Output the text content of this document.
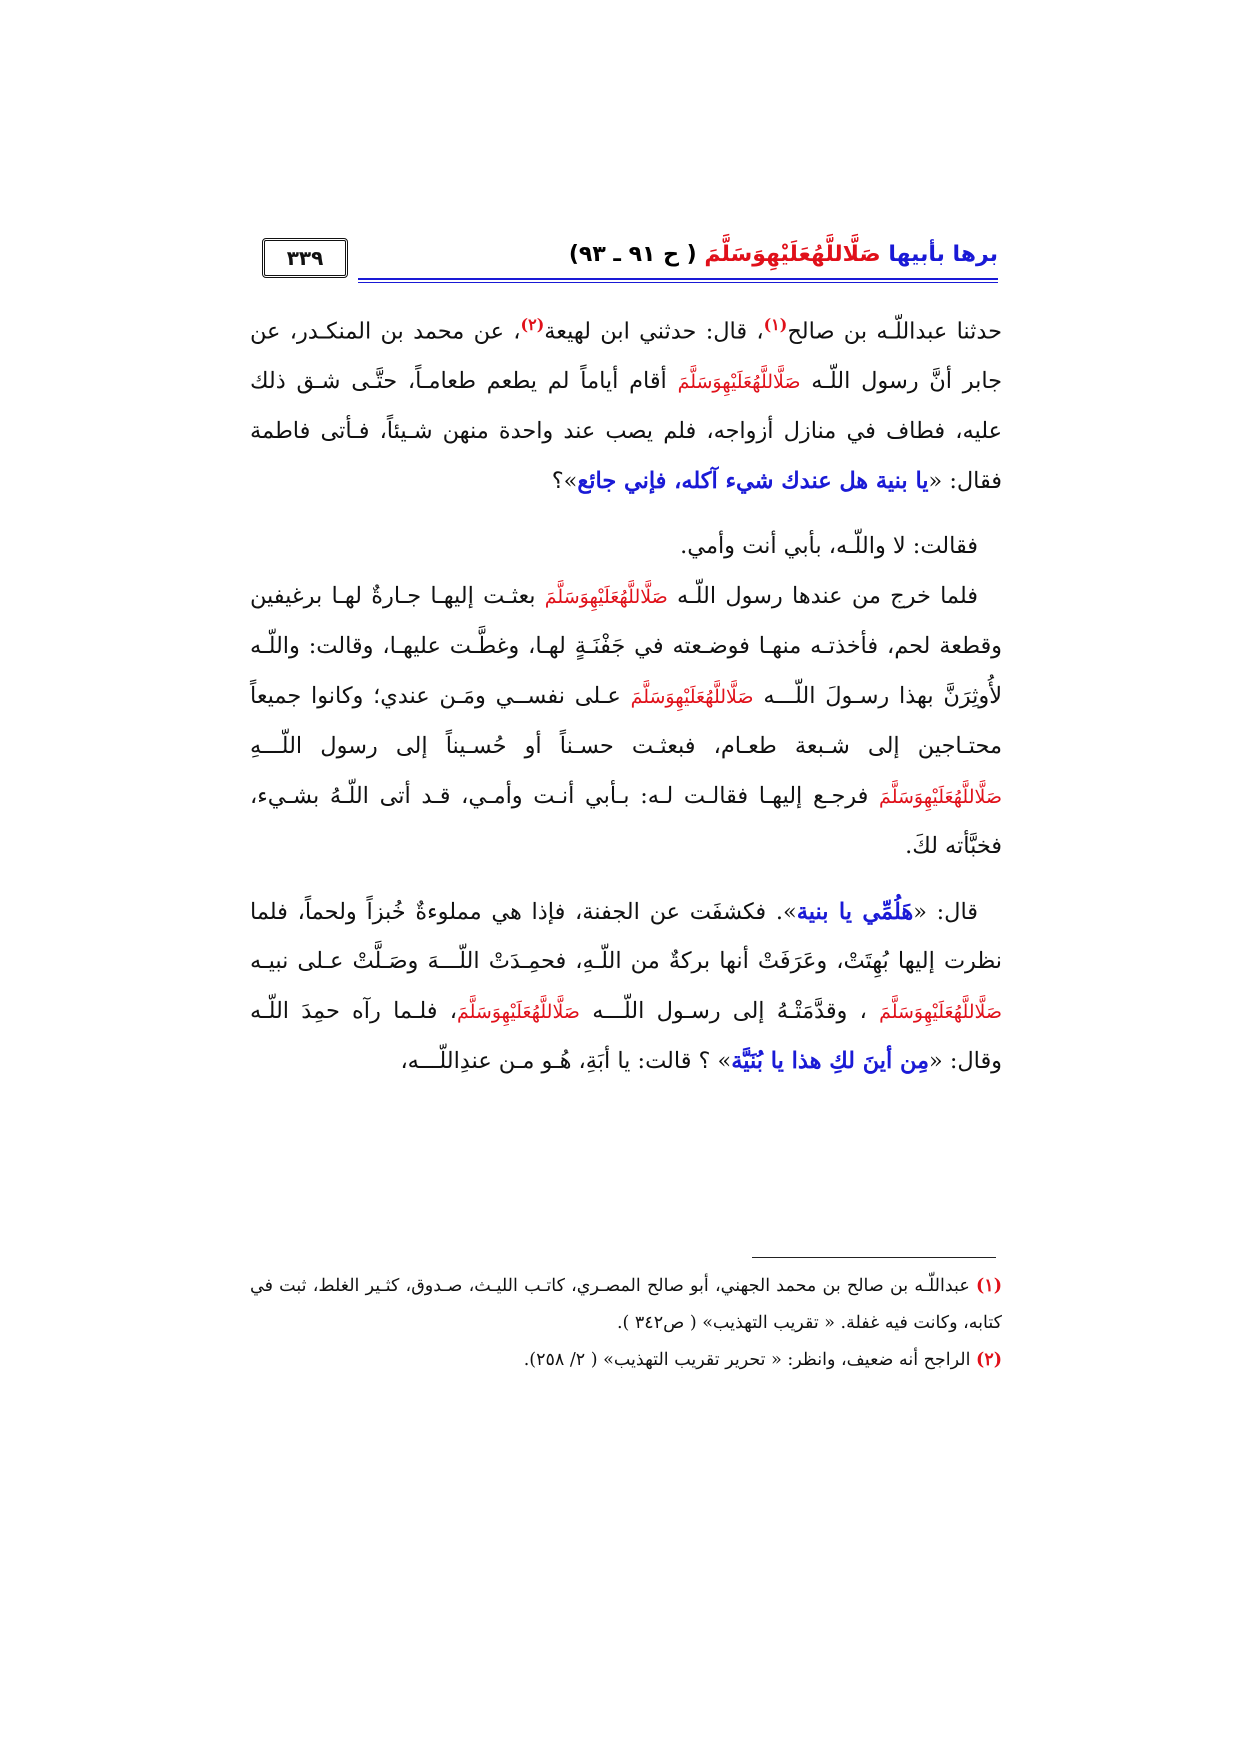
برها بأبيها صَلَّاللَّهُعَلَيْهِوَسَلَّمَ ( ح ٩١ ـ ٩٣)
٣٣٩

حدثنا عبداللّـه بن صالح$^{(١)}$، قال: حدثني ابن لهيعة$^{(٢)}$، عن محمد بن المنكـدر، عن جابر أنَّ رسول اللّـه صَلَّاللَّهُعَلَيْهِوَسَلَّمَ أقام أياماً لم يطعم طعامـاً، حتَّـى شـق ذلك عليه، فطاف في منازل أزواجه، فلم يصب عند واحدة منهن شـيئاً، فـأتى فاطمة فقال: «يا بنية هل عندك شيء آكله، فإني جائع»؟

فقالت: لا واللّـه، بأبي أنت وأمي.

فلما خرج من عندها رسول اللّـه صَلَّاللَّهُعَلَيْهِوَسَلَّمَ بعثـت إليهـا جـارةٌ لهـا برغيفين وقطعة لحم، فأخذتـه منهـا فوضـعته في جَفْنَـةٍ لهـا، وغطَّـت عليهـا، وقالت: واللّـه لأُوثِرَنَّ بهذا رسـولَ اللّـــه صَلَّاللَّهُعَلَيْهِوَسَلَّمَ عـلى نفســي ومَـن عندي؛ وكانوا جميعاً محتـاجين إلى شـبعة طعـام، فبعثـت حسـناً أو حُسـيناً إلى رسول اللّـــهِ صَلَّاللَّهُعَلَيْهِوَسَلَّمَ فرجـع إليهـا فقالـت لـه: بـأبي أنـت وأمـي، قـد أتى اللّـهُ بشـيء، فخبَّأته لكَ.

قال: «هَلُمِّي يا بنية». فكشفَت عن الجفنة، فإذا هي مملوءةٌ خُبزاً ولحماً، فلما نظرت إليها بُهِتَتْ، وعَرَفَتْ أنها بركةٌ من اللّـهِ، فحمِـدَتْ اللّـــهَ وصَـلَّتْ عـلى نبيـه صَلَّاللَّهُعَلَيْهِوَسَلَّمَ ، وقدَّمَتْـهُ إلى رسـول اللّـــه صَلَّاللَّهُعَلَيْهِوَسَلَّمَ، فلـما رآه حمِدَ اللّـه وقال: «مِن أينَ لكِ هذا يا بُنَيَّة» ؟ قالت: يا أبَةِ، هُـو مـن عندِاللّـــه،

(١) عبداللّـه بن صالح بن محمد الجهني، أبو صالح المصـري، كاتـب الليـث، صـدوق، كثـير الغلط، ثبت في كتابه، وكانت فيه غفلة. « تقريب التهذيب» ( ص٣٤٢ ).

(٢) الراجح أنه ضعيف، وانظر: « تحرير تقريب التهذيب» ( ٢/ ٢٥٨).
